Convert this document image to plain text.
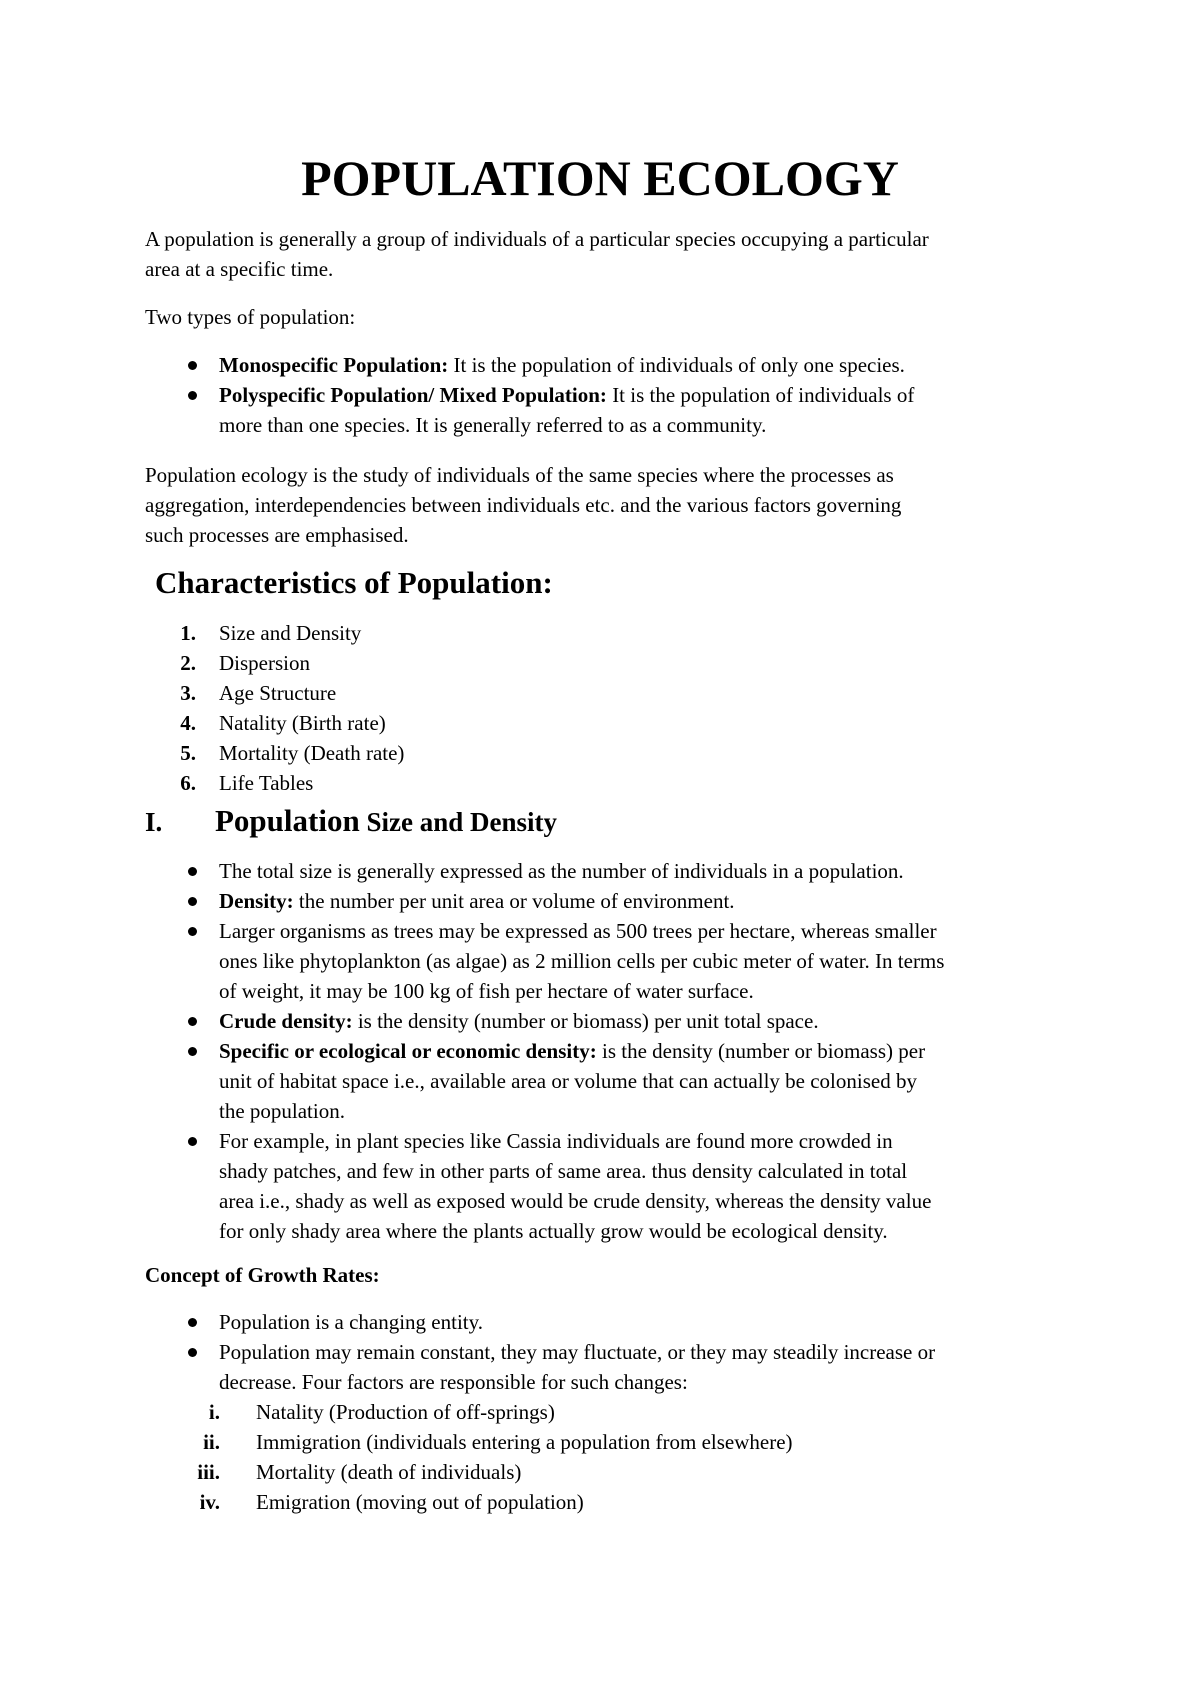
POPULATION ECOLOGY
A population is generally a group of individuals of a particular species occupying a particular
area at a specific time.
Two types of population:
Monospecific Population: It is the population of individuals of only one species.
Polyspecific Population/ Mixed Population: It is the population of individuals of
more than one species. It is generally referred to as a community.
Population ecology is the study of individuals of the same species where the processes as
aggregation, interdependencies between individuals etc. and the various factors governing
such processes are emphasised.
Characteristics of Population:
1. Size and Density
2. Dispersion
3. Age Structure
4. Natality (Birth rate)
5. Mortality (Death rate)
6. Life Tables
I. Population Size and Density
The total size is generally expressed as the number of individuals in a population.
Density: the number per unit area or volume of environment.
Larger organisms as trees may be expressed as 500 trees per hectare, whereas smaller
ones like phytoplankton (as algae) as 2 million cells per cubic meter of water. In terms
of weight, it may be 100 kg of fish per hectare of water surface.
Crude density: is the density (number or biomass) per unit total space.
Specific or ecological or economic density: is the density (number or biomass) per
unit of habitat space i.e., available area or volume that can actually be colonised by
the population.
For example, in plant species like Cassia individuals are found more crowded in
shady patches, and few in other parts of same area. thus density calculated in total
area i.e., shady as well as exposed would be crude density, whereas the density value
for only shady area where the plants actually grow would be ecological density.
Concept of Growth Rates:
Population is a changing entity.
Population may remain constant, they may fluctuate, or they may steadily increase or
decrease. Four factors are responsible for such changes:
i. Natality (Production of off-springs)
ii. Immigration (individuals entering a population from elsewhere)
iii. Mortality (death of individuals)
iv. Emigration (moving out of population)
